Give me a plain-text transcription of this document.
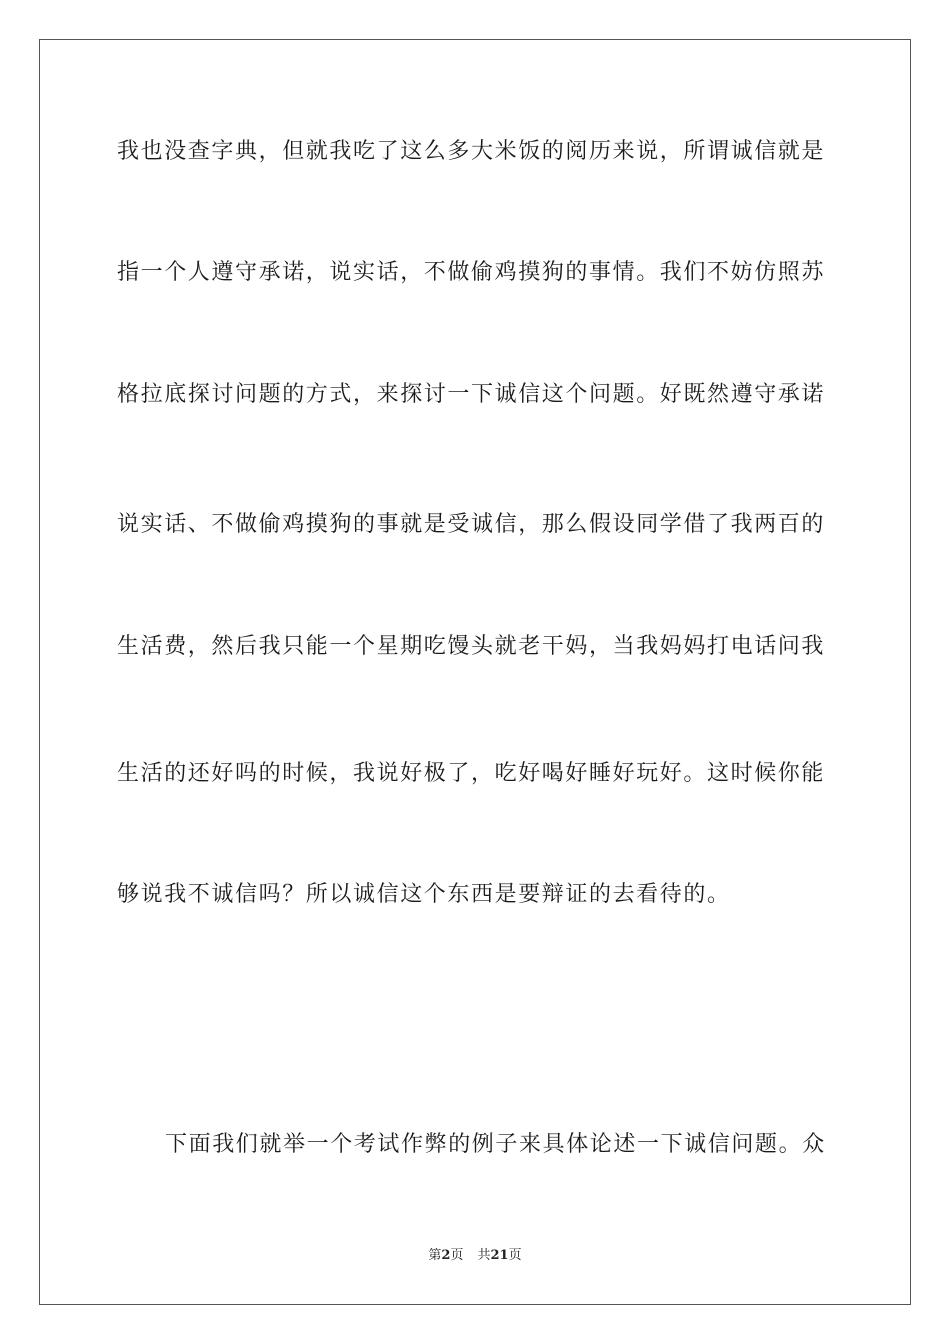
我也没查字典，但就我吃了这么多大米饭的阅历来说，所谓诚信就是
指一个人遵守承诺，说实话，不做偷鸡摸狗的事情。我们不妨仿照苏
格拉底探讨问题的方式，来探讨一下诚信这个问题。好既然遵守承诺
说实话、不做偷鸡摸狗的事就是受诚信，那么假设同学借了我两百的
生活费，然后我只能一个星期吃馒头就老干妈，当我妈妈打电话问我
生活的还好吗的时候，我说好极了，吃好喝好睡好玩好。这时候你能
够说我不诚信吗？所以诚信这个东西是要辩证的去看待的。
下面我们就举一个考试作弊的例子来具体论述一下诚信问题。众
第2页 共21页
